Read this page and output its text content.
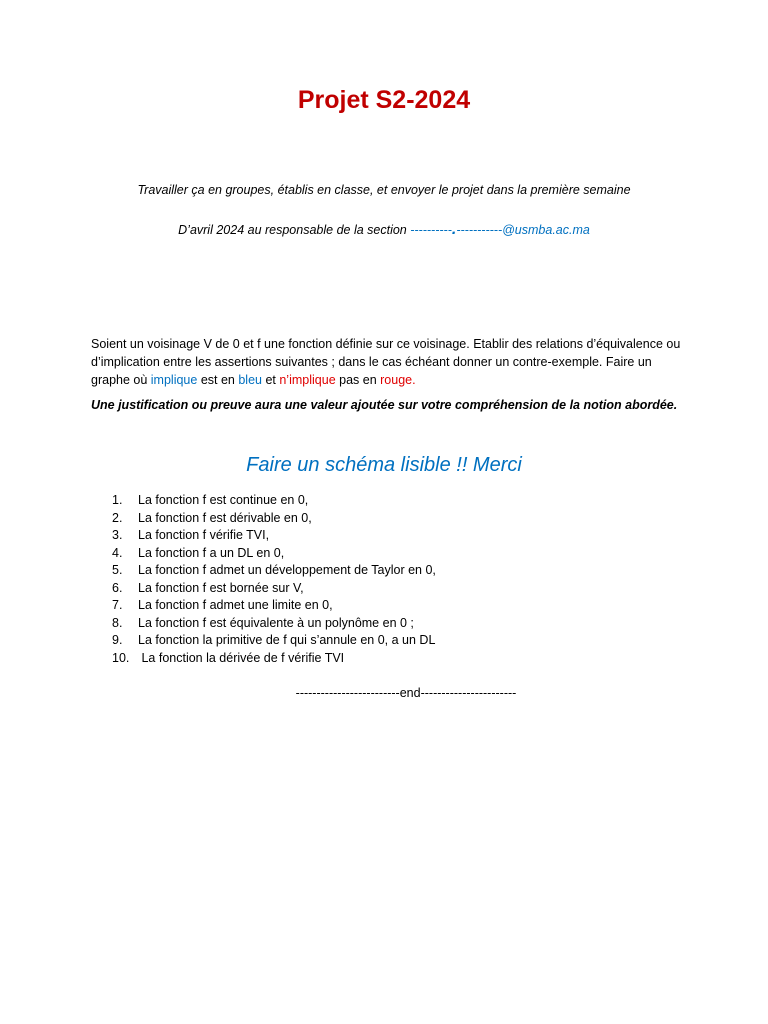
Projet S2-2024

Travailler ça en groupes, établis en classe, et envoyer le projet dans la première semaine

D’avril 2024 au responsable de la section ----------.-----------@usmba.ac.ma

Soient un voisinage V de 0 et f une fonction définie sur ce voisinage. Etablir des relations d’équivalence ou d’implication entre les assertions suivantes ; dans le cas échéant donner un contre-exemple. Faire un graphe où implique est en bleu et n’implique pas en rouge.

Une justification ou preuve aura une valeur ajoutée sur votre compréhension de la notion abordée.

Faire un schéma lisible !! Merci

1. La fonction f est continue en 0,
2. La fonction f est dérivable en 0,
3. La fonction f vérifie TVI,
4. La fonction f a un DL en 0,
5. La fonction f admet un développement de Taylor en 0,
6. La fonction f est bornée sur V,
7. La fonction f admet une limite en 0,
8. La fonction f est équivalente à un polynôme en 0 ;
9. La fonction la primitive de f qui s’annule en 0, a un DL
10. La fonction la dérivée de f vérifie TVI

-------------------------end-----------------------
